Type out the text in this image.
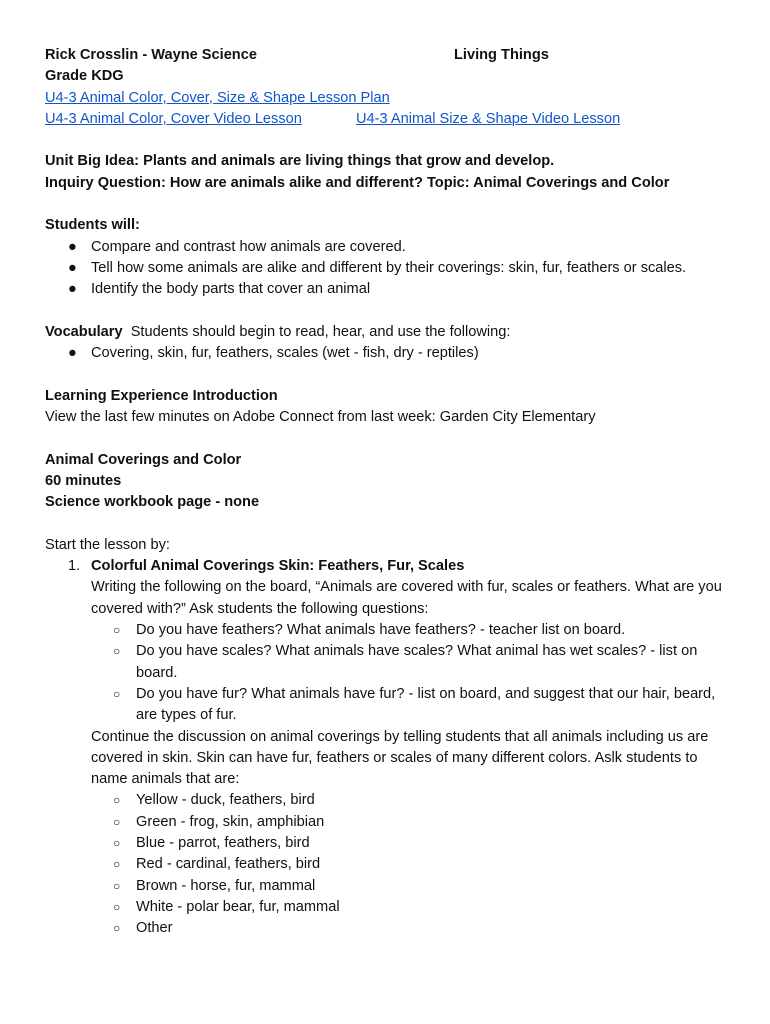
Rick Crosslin - Wayne Science	Living Things
Grade KDG
U4-3 Animal Color, Cover, Size & Shape Lesson Plan
U4-3 Animal Color, Cover Video Lesson	U4-3 Animal Size & Shape Video Lesson
Unit Big Idea: Plants and animals are living things that grow and develop.
Inquiry Question: How are animals alike and different? Topic: Animal Coverings and Color
Students will:
● Compare and contrast how animals are covered.
● Tell how some animals are alike and different by their coverings: skin, fur, feathers or scales.
● Identify the body parts that cover an animal
Vocabulary  Students should begin to read, hear, and use the following:
● Covering, skin, fur, feathers, scales (wet - fish, dry - reptiles)
Learning Experience Introduction
View the last few minutes on Adobe Connect from last week: Garden City Elementary
Animal Coverings and Color
60 minutes
Science workbook page - none
Start the lesson by:
1. Colorful Animal Coverings Skin: Feathers, Fur, Scales
Writing the following on the board, “Animals are covered with fur, scales or feathers. What are you covered with?” Ask students the following questions:
○ Do you have feathers? What animals have feathers? - teacher list on board.
○ Do you have scales? What animals have scales? What animal has wet scales? - list on board.
○ Do you have fur? What animals have fur? - list on board, and suggest that our hair, beard, are types of fur.
Continue the discussion on animal coverings by telling students that all animals including us are covered in skin. Skin can have fur, feathers or scales of many different colors. Aslk students to name animals that are:
○ Yellow - duck, feathers, bird
○ Green - frog, skin, amphibian
○ Blue - parrot, feathers, bird
○ Red - cardinal, feathers, bird
○ Brown - horse, fur, mammal
○ White - polar bear, fur, mammal
○ Other
